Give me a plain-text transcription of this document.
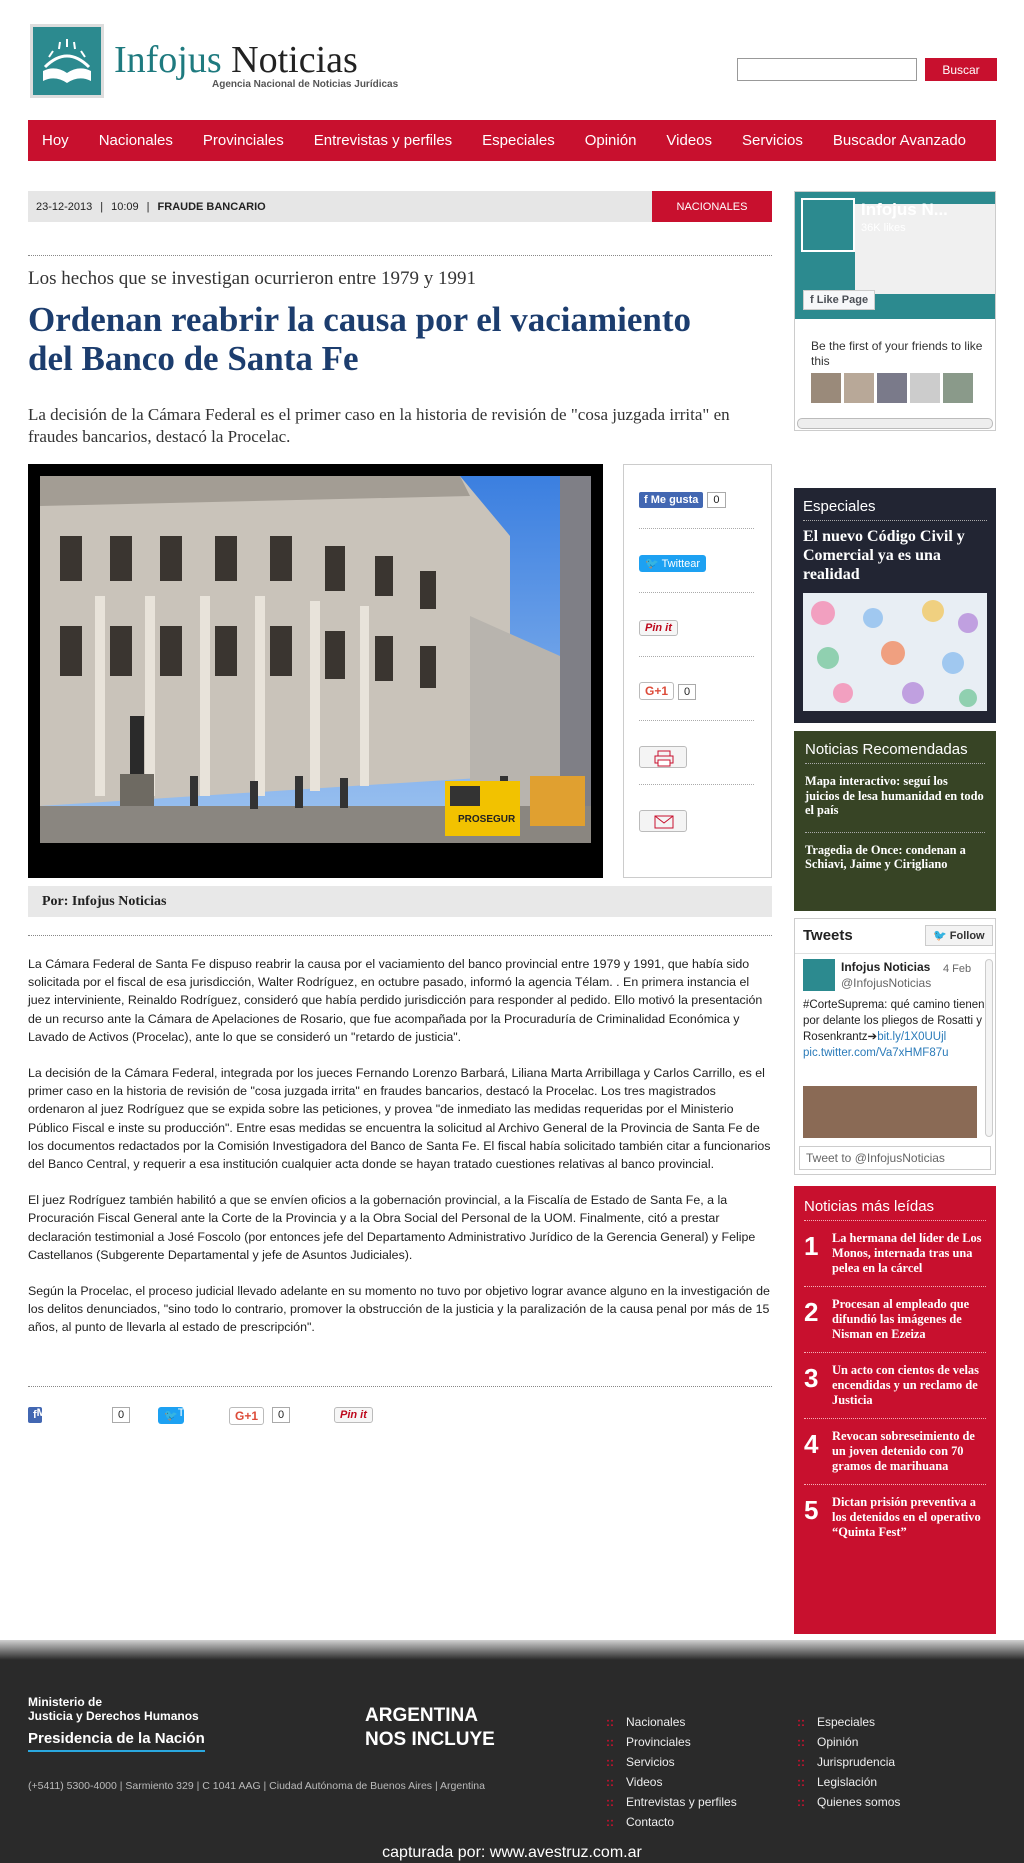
Infojus Noticias
Agencia Nacional de Noticias Jurídicas
Buscar
Hoy Nacionales Provinciales Entrevistas y perfiles Especiales Opinión Videos Servicios Buscador Avanzado
23-12-2013 | 10:09 | FRAUDE BANCARIO	NACIONALES
Los hechos que se investigan ocurrieron entre 1979 y 1991
Ordenan reabrir la causa por el vaciamiento del Banco de Santa Fe
La decisión de la Cámara Federal es el primer caso en la historia de revisión de "cosa juzgada irrita" en fraudes bancarios, destacó la Procelac.
PROSEGUR
f Me gusta 0
🐦 Twittear
Pin it
G+1 0
Por: Infojus Noticias

La Cámara Federal de Santa Fe dispuso reabrir la causa por el vaciamiento del banco provincial entre 1979 y 1991, que había sido solicitada por el fiscal de esa jurisdicción, Walter Rodríguez, en octubre pasado, informó la agencia Télam. . En primera instancia el juez interviniente, Reinaldo Rodríguez, consideró que había perdido jurisdicción para responder al pedido. Ello motivó la presentación de un recurso ante la Cámara de Apelaciones de Rosario, que fue acompañada por la Procuraduría de Criminalidad Económica y Lavado de Activos (Procelac), ante lo que se consideró un "retardo de justicia".

La decisión de la Cámara Federal, integrada por los jueces Fernando Lorenzo Barbará, Liliana Marta Arribillaga y Carlos Carrillo, es el primer caso en la historia de revisión de "cosa juzgada irrita" en fraudes bancarios, destacó la Procelac. Los tres magistrados ordenaron al juez Rodríguez que se expida sobre las peticiones, y provea "de inmediato las medidas requeridas por el Ministerio Público Fiscal e inste su producción". Entre esas medidas se encuentra la solicitud al Archivo General de la Provincia de Santa Fe de los documentos redactados por la Comisión Investigadora del Banco de Santa Fe. El fiscal había solicitado también citar a funcionarios del Banco Central, y requerir a esa institución cualquier acta donde se hayan tratado cuestiones relativas al banco provincial.

El juez Rodríguez también habilitó a que se envíen oficios a la gobernación provincial, a la Fiscalía de Estado de Santa Fe, a la Procuración Fiscal General ante la Corte de la Provincia y a la Obra Social del Personal de la UOM. Finalmente, citó a prestar declaración testimonial a José Foscolo (por entonces jefe del Departamento Administrativo Jurídico de la Gerencia General) y Felipe Castellanos (Subgerente Departamental y jefe de Asuntos Judiciales).

Según la Procelac, el proceso judicial llevado adelante en su momento no tuvo por objetivo lograr avance alguno en la investigación de los delitos denunciados, "sino todo lo contrario, promover la obstrucción de la justicia y la paralización de la causa penal por más de 15 años, al punto de llevarla al estado de prescripción".

f Me gusta	0	🐦 Twittear	G+1	0	Pin it
Infojus N...
36K likes
f Like Page
Be the first of your friends to like this
Especiales
El nuevo Código Civil y Comercial ya es una realidad
Noticias Recomendadas
Mapa interactivo: seguí los juicios de lesa humanidad en todo el país
Tragedia de Once: condenan a Schiavi, Jaime y Cirigliano
Tweets	🐦 Follow
Infojus Noticias
@InfojusNoticias
4 Feb
#CorteSuprema: qué camino tienen por delante los pliegos de Rosatti y Rosenkrantz➔bit.ly/1X0UUjl
pic.twitter.com/Va7xHMF87u
Tweet to @InfojusNoticias
Noticias más leídas
1	La hermana del líder de Los Monos, internada tras una pelea en la cárcel
2	Procesan al empleado que difundió las imágenes de Nisman en Ezeiza
3	Un acto con cientos de velas encendidas y un reclamo de Justicia
4	Revocan sobreseimiento de un joven detenido con 70 gramos de marihuana
5	Dictan prisión preventiva a los detenidos en el operativo “Quinta Fest”
Ministerio de
Justicia y Derechos Humanos
Presidencia de la Nación
(+5411) 5300-4000 | Sarmiento 329 | C 1041 AAG | Ciudad Autónoma de Buenos Aires | Argentina
ARGENTINA
NOS INCLUYE
:: Nacionales
:: Provinciales
:: Servicios
:: Videos
:: Entrevistas y perfiles
:: Contacto
:: Especiales
:: Opinión
:: Jurisprudencia
:: Legislación
:: Quienes somos
capturada por: www.avestruz.com.ar
